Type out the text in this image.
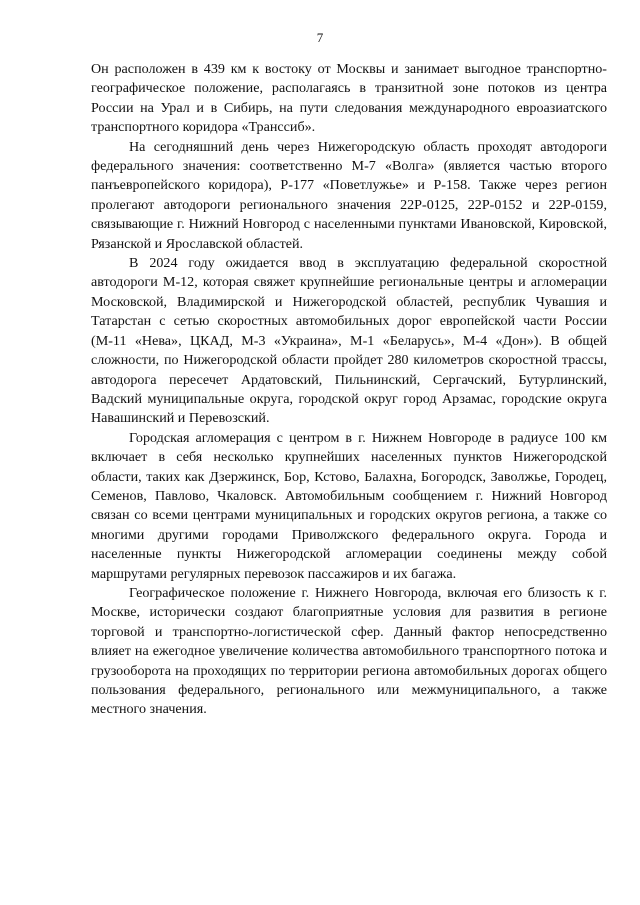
7

Он расположен в 439 км к востоку от Москвы и занимает выгодное транспортно-географическое положение, располагаясь в транзитной зоне потоков из центра России на Урал и в Сибирь, на пути следования международного евроазиатского транспортного коридора «Транссиб».

На сегодняшний день через Нижегородскую область проходят автодороги федерального значения: соответственно М-7 «Волга» (является частью второго панъевропейского коридора), Р-177 «Поветлужье» и Р-158. Также через регион пролегают автодороги регионального значения 22Р-0125, 22Р-0152 и 22Р-0159, связывающие г. Нижний Новгород с населенными пунктами Ивановской, Кировской, Рязанской и Ярославской областей.

В 2024 году ожидается ввод в эксплуатацию федеральной скоростной автодороги М-12, которая свяжет крупнейшие региональные центры и агломерации Московской, Владимирской и Нижегородской областей, республик Чувашия и Татарстан с сетью скоростных автомобильных дорог европейской части России (М-11 «Нева», ЦКАД, М-3 «Украина», М-1 «Беларусь», М-4 «Дон»). В общей сложности, по Нижегородской области пройдет 280 километров скоростной трассы, автодорога пересечет Ардатовский, Пильнинский, Сергачский, Бутурлинский, Вадский муниципальные округа, городской округ город Арзамас, городские округа Навашинский и Перевозский.

Городская агломерация с центром в г. Нижнем Новгороде в радиусе 100 км включает в себя несколько крупнейших населенных пунктов Нижегородской области, таких как Дзержинск, Бор, Кстово, Балахна, Богородск, Заволжье, Городец, Семенов, Павлово, Чкаловск. Автомобильным сообщением г. Нижний Новгород связан со всеми центрами муниципальных и городских округов региона, а также со многими другими городами Приволжского федерального округа. Города и населенные пункты Нижегородской агломерации соединены между собой маршрутами регулярных перевозок пассажиров и их багажа.

Географическое положение г. Нижнего Новгорода, включая его близость к г. Москве, исторически создают благоприятные условия для развития в регионе торговой и транспортно-логистической сфер. Данный фактор непосредственно влияет на ежегодное увеличение количества автомобильного транспортного потока и грузооборота на проходящих по территории региона автомобильных дорогах общего пользования федерального, регионального или межмуниципального, а также местного значения.
